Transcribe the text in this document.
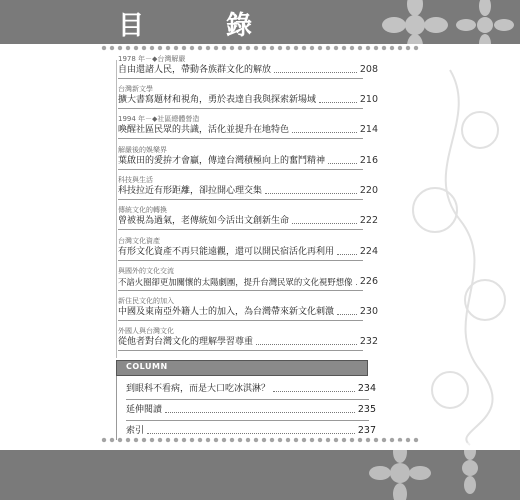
目　錄
1978 年－◆台灣解嚴
自由還諸人民，帶動各族群文化的解放	208
台灣新文學
擴大書寫題材和視角，勇於表達自我與探索新場域	210
1994 年－◆社區總體營造
喚醒社區民眾的共識，活化並提升在地特色	214
解嚴後的娛樂界
葉啟田的愛拚才會贏，傳達台灣積極向上的奮鬥精神	216
科技與生活
科技拉近有形距離，卻拉開心理交集	220
傳統文化的轉換
曾被視為過氣，老傳統如今活出文創新生命	222
台灣文化資產
有形文化資產不再只能遠觀，還可以開民宿活化再利用	224
與國外的文化交流
不諳火圈卻更加關懷的太陽劇團，提升台灣民眾的文化視野想像 226
新住民文化的加入
中國及東南亞外籍人士的加入，為台灣帶來新文化刺激	230
外國人與台灣文化
從他者對台灣文化的理解學習尊重	232
COLUMN
到眼科不看病，而是大口吃冰淇淋？	234
延伸閱讀	235
索引	237
